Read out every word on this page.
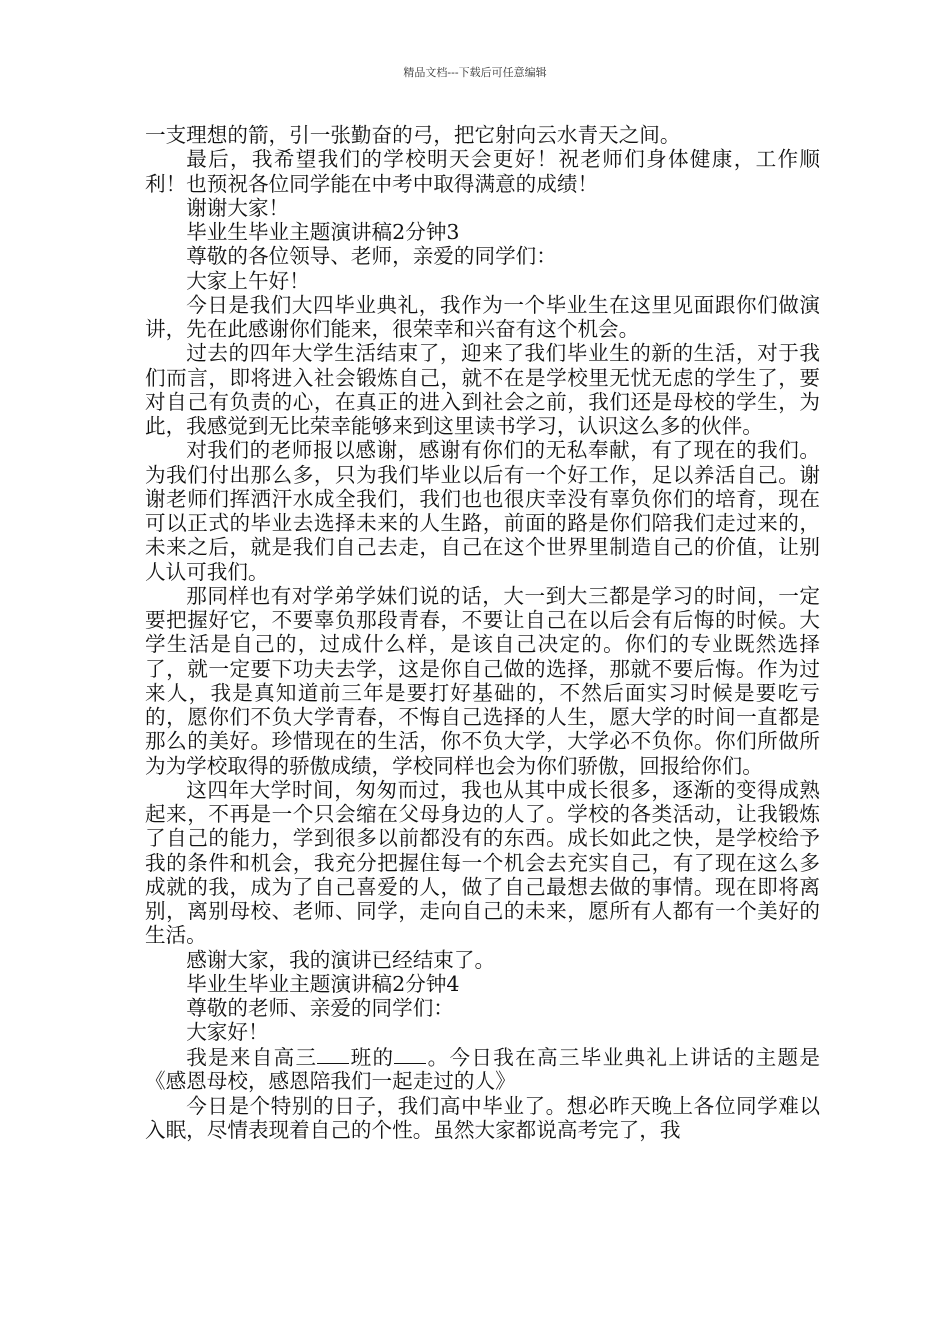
精品文档---下载后可任意编辑

一支理想的箭，引一张勤奋的弓，把它射向云水青天之间。

最后，我希望我们的学校明天会更好！祝老师们身体健康，工作顺利！也预祝各位同学能在中考中取得满意的成绩！

谢谢大家！

毕业生毕业主题演讲稿2分钟3

尊敬的各位领导、老师，亲爱的同学们：

大家上午好！

今日是我们大四毕业典礼，我作为一个毕业生在这里见面跟你们做演讲，先在此感谢你们能来，很荣幸和兴奋有这个机会。

过去的四年大学生活结束了，迎来了我们毕业生的新的生活，对于我们而言，即将进入社会锻炼自己，就不在是学校里无忧无虑的学生了，要对自己有负责的心，在真正的进入到社会之前，我们还是母校的学生，为此，我感觉到无比荣幸能够来到这里读书学习，认识这么多的伙伴。

对我们的老师报以感谢，感谢有你们的无私奉献，有了现在的我们。为我们付出那么多，只为我们毕业以后有一个好工作，足以养活自己。谢谢老师们挥洒汗水成全我们，我们也也很庆幸没有辜负你们的培育，现在可以正式的毕业去选择未来的人生路，前面的路是你们陪我们走过来的，未来之后，就是我们自己去走，自己在这个世界里制造自己的价值，让别人认可我们。

那同样也有对学弟学妹们说的话，大一到大三都是学习的时间，一定要把握好它，不要辜负那段青春，不要让自己在以后会有后悔的时候。大学生活是自己的，过成什么样，是该自己决定的。你们的专业既然选择了，就一定要下功夫去学，这是你自己做的选择，那就不要后悔。作为过来人，我是真知道前三年是要打好基础的，不然后面实习时候是要吃亏的，愿你们不负大学青春，不悔自己选择的人生，愿大学的时间一直都是那么的美好。珍惜现在的生活，你不负大学，大学必不负你。你们所做所为为学校取得的骄傲成绩，学校同样也会为你们骄傲，回报给你们。

这四年大学时间，匆匆而过，我也从其中成长很多，逐渐的变得成熟起来，不再是一个只会缩在父母身边的人了。学校的各类活动，让我锻炼了自己的能力，学到很多以前都没有的东西。成长如此之快，是学校给予我的条件和机会，我充分把握住每一个机会去充实自己，有了现在这么多成就的我，成为了自己喜爱的人，做了自己最想去做的事情。现在即将离别，离别母校、老师、同学，走向自己的未来，愿所有人都有一个美好的生活。

感谢大家，我的演讲已经结束了。

毕业生毕业主题演讲稿2分钟4

尊敬的老师、亲爱的同学们：

大家好！

我是来自高三 班的 。今日我在高三毕业典礼上讲话的主题是《感恩母校，感恩陪我们一起走过的人》

今日是个特别的日子，我们高中毕业了。想必昨天晚上各位同学难以入眠，尽情表现着自己的个性。虽然大家都说高考完了，我
